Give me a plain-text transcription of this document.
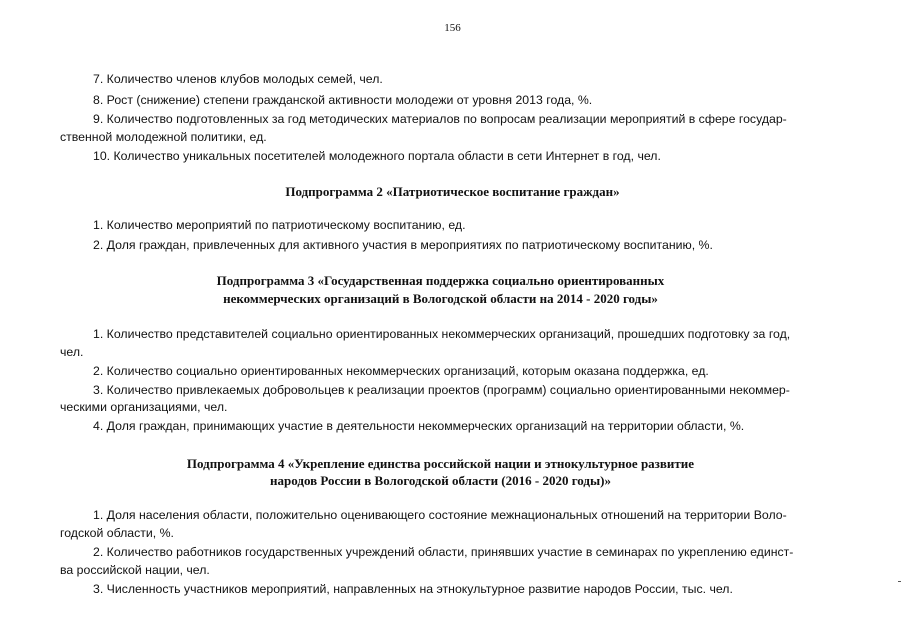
156
7. Количество членов клубов молодых семей, чел.
8. Рост (снижение) степени гражданской активности молодежи от уровня 2013 года, %.
9. Количество подготовленных за год методических материалов по вопросам реализации мероприятий в сфере государ-
ственной молодежной политики, ед.
10. Количество уникальных посетителей молодежного портала области в сети Интернет в год, чел.
Подпрограмма 2 «Патриотическое воспитание граждан»
1. Количество мероприятий по патриотическому воспитанию, ед.
2. Доля граждан, привлеченных для активного участия в мероприятиях по патриотическому воспитанию, %.
Подпрограмма 3 «Государственная поддержка социально ориентированных
некоммерческих организаций в Вологодской области на 2014 - 2020 годы»
1. Количество представителей социально ориентированных некоммерческих организаций, прошедших подготовку за год,
чел.
2. Количество социально ориентированных некоммерческих организаций, которым оказана поддержка, ед.
3. Количество привлекаемых добровольцев к реализации проектов (программ) социально ориентированными некоммер-
ческими организациями, чел.
4. Доля граждан, принимающих участие в деятельности некоммерческих организаций на территории области, %.
Подпрограмма 4 «Укрепление единства российской нации и этнокультурное развитие
народов России в Вологодской области (2016 - 2020 годы)»
1. Доля населения области, положительно оценивающего состояние межнациональных отношений на территории Воло-
годской области, %.
2. Количество работников государственных учреждений области, принявших участие в семинарах по укреплению единст-
ва российской нации, чел.
3. Численность участников мероприятий, направленных на этнокультурное развитие народов России, тыс. чел.
